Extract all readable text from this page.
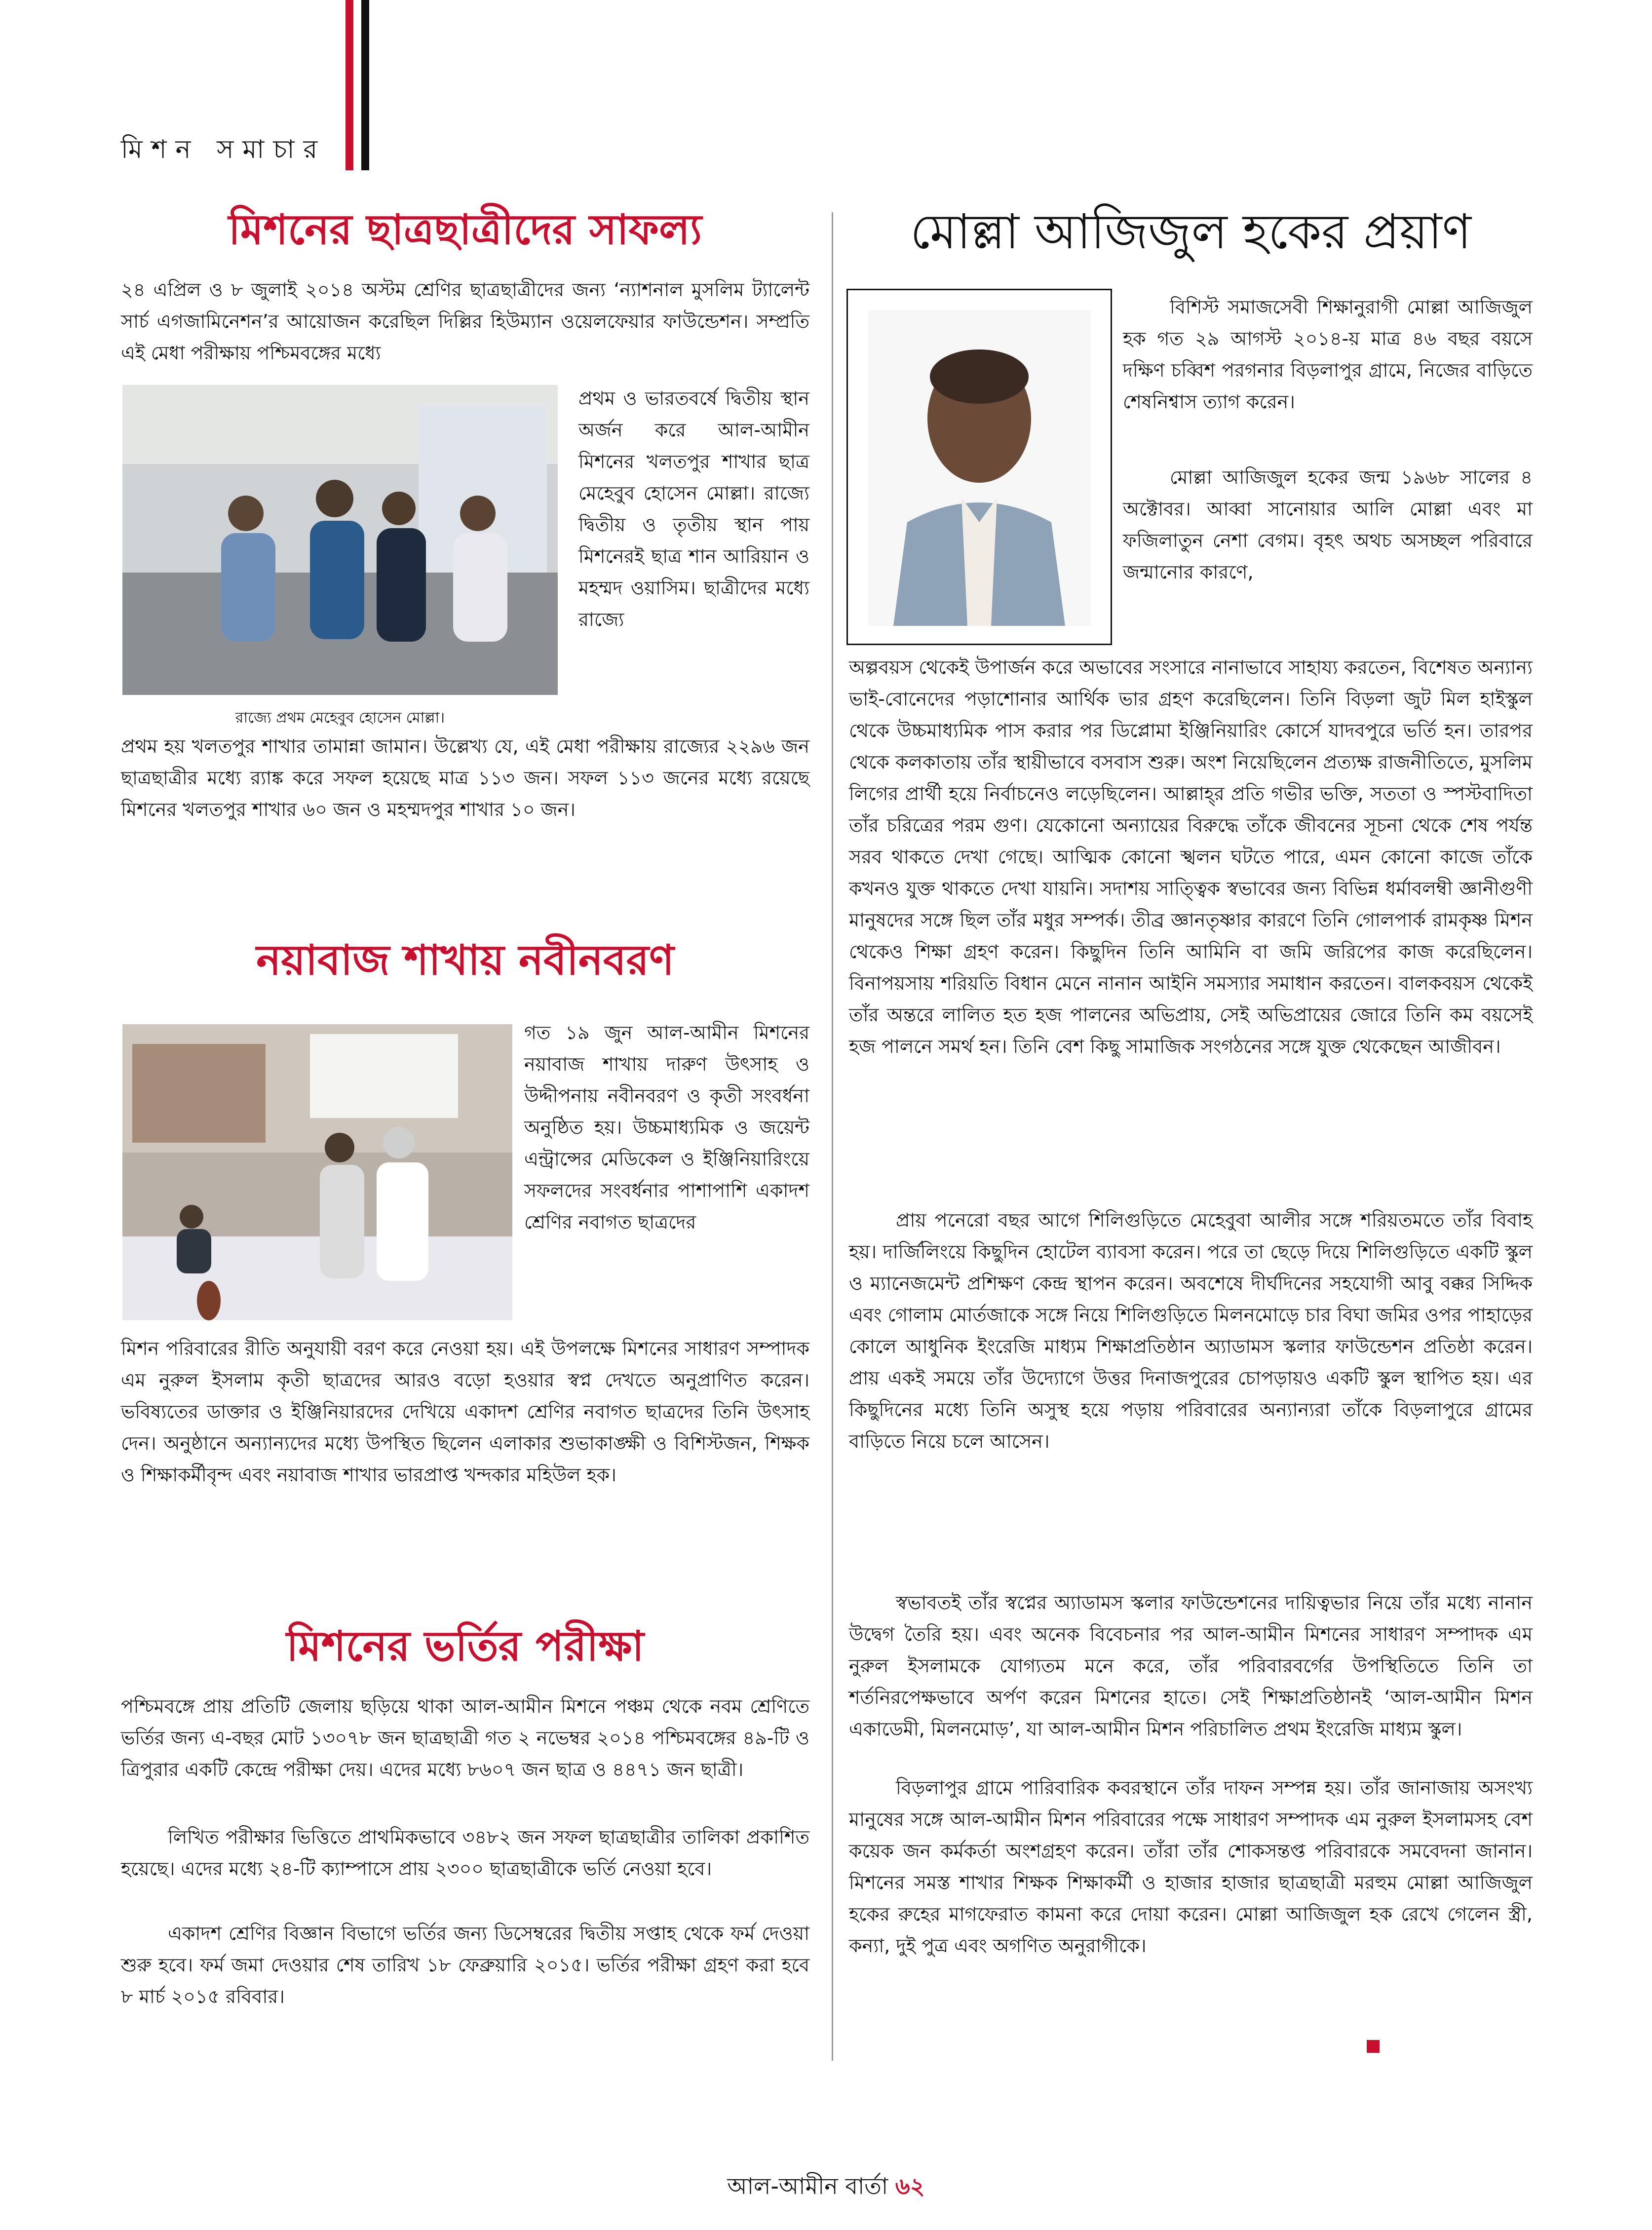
মিশন সমাচার
মিশনের ছাত্রছাত্রীদের সাফল্য

২৪ এপ্রিল ও ৮ জুলাই ২০১৪ অস্টম শ্রেণির ছাত্রছাত্রীদের জন্য ‘ন্যাশনাল মুসলিম ট্যালেন্ট সার্চ এগজামিনেশন’র আয়োজন করেছিল দিল্লির হিউম্যান ওয়েলফেয়ার ফাউন্ডেশন। সম্প্রতি এই মেধা পরীক্ষায় পশ্চিমবঙ্গের মধ্যে

রাজ্যে প্রথম মেহেবুব হোসেন মোল্লা।

প্রথম ও ভারতবর্ষে দ্বিতীয় স্থান অর্জন করে আল-আমীন মিশনের খলতপুর শাখার ছাত্র মেহেবুব হোসেন মোল্লা। রাজ্যে দ্বিতীয় ও তৃতীয় স্থান পায় মিশনেরই ছাত্র শান আরিয়ান ও মহম্মদ ওয়াসিম। ছাত্রীদের মধ্যে রাজ্যে

প্রথম হয় খলতপুর শাখার তামান্না জামান। উল্লেখ্য যে, এই মেধা পরীক্ষায় রাজ্যের ২২৯৬ জন ছাত্রছাত্রীর মধ্যে র‍্যাঙ্ক করে সফল হয়েছে মাত্র ১১৩ জন। সফল ১১৩ জনের মধ্যে রয়েছে মিশনের খলতপুর শাখার ৬০ জন ও মহম্মদপুর শাখার ১০ জন।

নয়াবাজ শাখায় নবীনবরণ

গত ১৯ জুন আল-আমীন মিশনের নয়াবাজ শাখায় দারুণ উৎসাহ ও উদ্দীপনায় নবীনবরণ ও কৃতী সংবর্ধনা অনুষ্ঠিত হয়। উচ্চমাধ্যমিক ও জয়েন্ট এন্ট্রান্সের মেডিকেল ও ইঞ্জিনিয়ারিংয়ে সফলদের সংবর্ধনার পাশাপাশি একাদশ শ্রেণির নবাগত ছাত্রদের

মিশন পরিবারের রীতি অনুযায়ী বরণ করে নেওয়া হয়। এই উপলক্ষে মিশনের সাধারণ সম্পাদক এম নুরুল ইসলাম কৃতী ছাত্রদের আরও বড়ো হওয়ার স্বপ্ন দেখতে অনুপ্রাণিত করেন। ভবিষ্যতের ডাক্তার ও ইঞ্জিনিয়ারদের দেখিয়ে একাদশ শ্রেণির নবাগত ছাত্রদের তিনি উৎসাহ দেন। অনুষ্ঠানে অন্যান্যদের মধ্যে উপস্থিত ছিলেন এলাকার শুভাকাঙ্ক্ষী ও বিশিস্টজন, শিক্ষক ও শিক্ষাকর্মীবৃন্দ এবং নয়াবাজ শাখার ভারপ্রাপ্ত খন্দকার মহিউল হক।

মিশনের ভর্তির পরীক্ষা

পশ্চিমবঙ্গে প্রায় প্রতিটি জেলায় ছড়িয়ে থাকা আল-আমীন মিশনে পঞ্চম থেকে নবম শ্রেণিতে ভর্তির জন্য এ-বছর মোট ১৩০৭৮ জন ছাত্রছাত্রী গত ২ নভেম্বর ২০১৪ পশ্চিমবঙ্গের ৪৯-টি ও ত্রিপুরার একটি কেন্দ্রে পরীক্ষা দেয়। এদের মধ্যে ৮৬০৭ জন ছাত্র ও ৪৪৭১ জন ছাত্রী।

লিখিত পরীক্ষার ভিত্তিতে প্রাথমিকভাবে ৩৪৮২ জন সফল ছাত্রছাত্রীর তালিকা প্রকাশিত হয়েছে। এদের মধ্যে ২৪-টি ক্যাম্পাসে প্রায় ২৩০০ ছাত্রছাত্রীকে ভর্তি নেওয়া হবে।

একাদশ শ্রেণির বিজ্ঞান বিভাগে ভর্তির জন্য ডিসেম্বরের দ্বিতীয় সপ্তাহ থেকে ফর্ম দেওয়া শুরু হবে। ফর্ম জমা দেওয়ার শেষ তারিখ ১৮ ফেব্রুয়ারি ২০১৫। ভর্তির পরীক্ষা গ্রহণ করা হবে ৮ মার্চ ২০১৫ রবিবার।

মোল্লা আজিজুল হকের প্রয়াণ

বিশিস্ট সমাজসেবী শিক্ষানুরাগী মোল্লা আজিজুল হক গত ২৯ আগস্ট ২০১৪-য় মাত্র ৪৬ বছর বয়সে দক্ষিণ চব্বিশ পরগনার বিড়লাপুর গ্রামে, নিজের বাড়িতে শেষনিশ্বাস ত্যাগ করেন।

মোল্লা আজিজুল হকের জন্ম ১৯৬৮ সালের ৪ অক্টোবর। আব্বা সানোয়ার আলি মোল্লা এবং মা ফজিলাতুন নেশা বেগম। বৃহৎ অথচ অসচ্ছল পরিবারে জন্মানোর কারণে,

অল্পবয়স থেকেই উপার্জন করে অভাবের সংসারে নানাভাবে সাহায্য করতেন, বিশেষত অন্যান্য ভাই-বোনেদের পড়াশোনার আর্থিক ভার গ্রহণ করেছিলেন। তিনি বিড়লা জুট মিল হাইস্কুল থেকে উচ্চমাধ্যমিক পাস করার পর ডিপ্লোমা ইঞ্জিনিয়ারিং কোর্সে যাদবপুরে ভর্তি হন। তারপর থেকে কলকাতায় তাঁর স্থায়ীভাবে বসবাস শুরু। অংশ নিয়েছিলেন প্রত্যক্ষ রাজনীতিতে, মুসলিম লিগের প্রার্থী হয়ে নির্বাচনেও লড়েছিলেন। আল্লাহ্‌র প্রতি গভীর ভক্তি, সততা ও স্পস্টবাদিতা তাঁর চরিত্রের পরম গুণ। যেকোনো অন্যায়ের বিরুদ্ধে তাঁকে জীবনের সূচনা থেকে শেষ পর্যন্ত সরব থাকতে দেখা গেছে। আত্মিক কোনো স্খলন ঘটতে পারে, এমন কোনো কাজে তাঁকে কখনও যুক্ত থাকতে দেখা যায়নি। সদাশয় সাত্ত্বিক স্বভাবের জন্য বিভিন্ন ধর্মাবলম্বী জ্ঞানীগুণী মানুষদের সঙ্গে ছিল তাঁর মধুর সম্পর্ক। তীব্র জ্ঞানতৃষ্ণার কারণে তিনি গোলপার্ক রামকৃষ্ণ মিশন থেকেও শিক্ষা গ্রহণ করেন। কিছুদিন তিনি আমিনি বা জমি জরিপের কাজ করেছিলেন। বিনাপয়সায় শরিয়তি বিধান মেনে নানান আইনি সমস্যার সমাধান করতেন। বালকবয়স থেকেই তাঁর অন্তরে লালিত হত হজ পালনের অভিপ্রায়, সেই অভিপ্রায়ের জোরে তিনি কম বয়সেই হজ পালনে সমর্থ হন। তিনি বেশ কিছু সামাজিক সংগঠনের সঙ্গে যুক্ত থেকেছেন আজীবন।

প্রায় পনেরো বছর আগে শিলিগুড়িতে মেহেবুবা আলীর সঙ্গে শরিয়তমতে তাঁর বিবাহ হয়। দার্জিলিংয়ে কিছুদিন হোটেল ব্যাবসা করেন। পরে তা ছেড়ে দিয়ে শিলিগুড়িতে একটি স্কুল ও ম্যানেজমেন্ট প্রশিক্ষণ কেন্দ্র স্থাপন করেন। অবশেষে দীর্ঘদিনের সহযোগী আবু বক্কর সিদ্দিক এবং গোলাম মোর্তজাকে সঙ্গে নিয়ে শিলিগুড়িতে মিলনমোড়ে চার বিঘা জমির ওপর পাহাড়ের কোলে আধুনিক ইংরেজি মাধ্যম শিক্ষাপ্রতিষ্ঠান অ্যাডামস স্কলার ফাউন্ডেশন প্রতিষ্ঠা করেন। প্রায় একই সময়ে তাঁর উদ্যোগে উত্তর দিনাজপুরের চোপড়ায়ও একটি স্কুল স্থাপিত হয়। এর কিছুদিনের মধ্যে তিনি অসুস্থ হয়ে পড়ায় পরিবারের অন্যান্যরা তাঁকে বিড়লাপুরে গ্রামের বাড়িতে নিয়ে চলে আসেন।

স্বভাবতই তাঁর স্বপ্নের অ্যাডামস স্কলার ফাউন্ডেশনের দায়িত্বভার নিয়ে তাঁর মধ্যে নানান উদ্বেগ তৈরি হয়। এবং অনেক বিবেচনার পর আল-আমীন মিশনের সাধারণ সম্পাদক এম নুরুল ইসলামকে যোগ্যতম মনে করে, তাঁর পরিবারবর্গের উপস্থিতিতে তিনি তা শর্তনিরপেক্ষভাবে অর্পণ করেন মিশনের হাতে। সেই শিক্ষাপ্রতিষ্ঠানই ‘আল-আমীন মিশন একাডেমী, মিলনমোড়’, যা আল-আমীন মিশন পরিচালিত প্রথম ইংরেজি মাধ্যম স্কুল।

বিড়লাপুর গ্রামে পারিবারিক কবরস্থানে তাঁর দাফন সম্পন্ন হয়। তাঁর জানাজায় অসংখ্য মানুষের সঙ্গে আল-আমীন মিশন পরিবারের পক্ষে সাধারণ সম্পাদক এম নুরুল ইসলামসহ বেশ কয়েক জন কর্মকর্তা অংশগ্রহণ করেন। তাঁরা তাঁর শোকসন্তপ্ত পরিবারকে সমবেদনা জানান। মিশনের সমস্ত শাখার শিক্ষক শিক্ষাকর্মী ও হাজার হাজার ছাত্রছাত্রী মরহুম মোল্লা আজিজুল হকের রুহের মাগফেরাত কামনা করে দোয়া করেন। মোল্লা আজিজুল হক রেখে গেলেন স্ত্রী, কন্যা, দুই পুত্র এবং অগণিত অনুরাগীকে।

আল-আমীন বার্তা ৬২
